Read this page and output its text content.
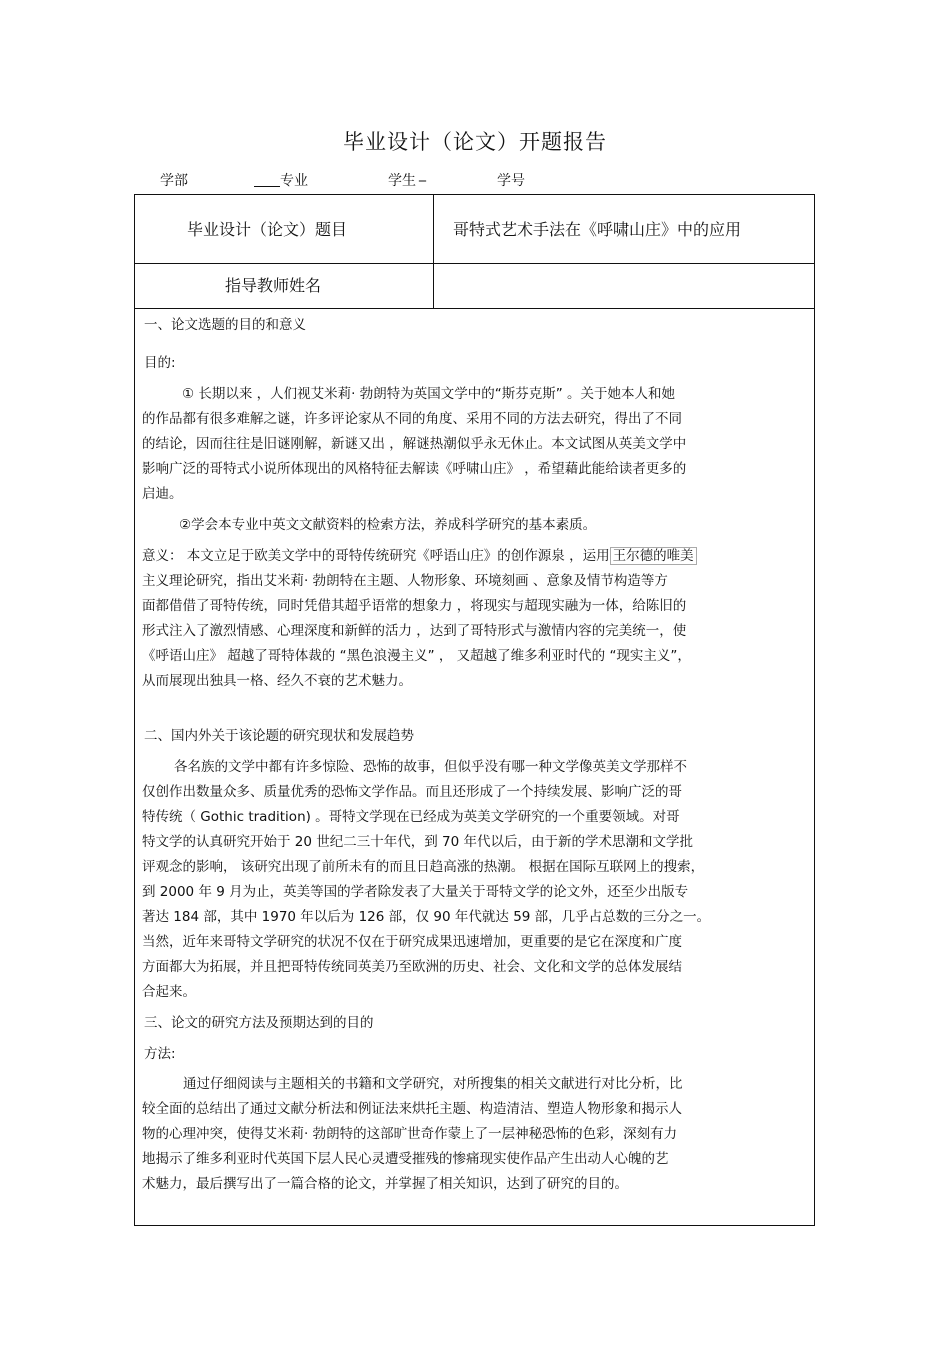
毕业设计（论文）开题报告
学部	专业	学生 _	学号
毕业设计（论文）题目	哥特式艺术手法在《呼啸山庄》中的应用
指导教师姓名
一、论文选题的目的和意义
目的:
① 长期以来 ，人们视艾米莉· 勃朗特为英国文学中的“斯芬克斯” 。关于她本人和她
的作品都有很多难解之谜，许多评论家从不同的角度、采用不同的方法去研究，得出了不同
的结论，因而往往是旧谜刚解，新谜又出 ，解谜热潮似乎永无休止。本文试图从英美文学中
影响广泛的哥特式小说所体现出的风格特征去解读《呼啸山庄》 ，希望藉此能给读者更多的
启迪。
②学会本专业中英文文献资料的检索方法，养成科学研究的基本素质。
意义： 本文立足于欧美文学中的哥特传统研究《呼语山庄》的创作源泉 ，运用 王尔德的唯美
主义理论研究，指出艾米莉· 勃朗特在主题、人物形象、环境刻画 、意象及情节构造等方
面都借借了哥特传统，同时凭借其超乎语常的想象力 ，将现实与超现实融为一体，给陈旧的
形式注入了激烈情感、心理深度和新鲜的活力 ，达到了哥特形式与激情内容的完美统一，使
《呼语山庄》 超越了哥特体裁的 “黑色浪漫主义” ， 又超越了维多利亚时代的 “现实主义”，
从而展现出独具一格、经久不衰的艺术魅力。
二、国内外关于该论题的研究现状和发展趋势
各名族的文学中都有许多惊险、恐怖的故事，但似乎没有哪一种文学像英美文学那样不
仅创作出数量众多、质量优秀的恐怖文学作品。而且还形成了一个持续发展、影响广泛的哥
特传统（ Gothic tradition) 。哥特文学现在已经成为英美文学研究的一个重要领域。对哥
特文学的认真研究开始于 20 世纪二三十年代，到 70 年代以后，由于新的学术思潮和文学批
评观念的影响， 该研究出现了前所未有的而且日趋高涨的热潮。 根据在国际互联网上的搜索，
到 2000 年 9 月为止，英美等国的学者除发表了大量关于哥特文学的论文外，还至少出版专
著达 184 部，其中 1970 年以后为 126 部，仅 90 年代就达 59 部，几乎占总数的三分之一。
当然，近年来哥特文学研究的状况不仅在于研究成果迅速增加，更重要的是它在深度和广度
方面都大为拓展，并且把哥特传统同英美乃至欧洲的历史、社会、文化和文学的总体发展结
合起来。
三、论文的研究方法及预期达到的目的
方法:
通过仔细阅读与主题相关的书籍和文学研究，对所搜集的相关文献进行对比分析，比
较全面的总结出了通过文献分析法和例证法来烘托主题、构造清洁、塑造人物形象和揭示人
物的心理冲突，使得艾米莉· 勃朗特的这部旷世奇作蒙上了一层神秘恐怖的色彩，深刻有力
地揭示了维多利亚时代英国下层人民心灵遭受摧残的惨痛现实使作品产生出动人心魄的艺
术魅力，最后撰写出了一篇合格的论文，并掌握了相关知识，达到了研究的目的。
